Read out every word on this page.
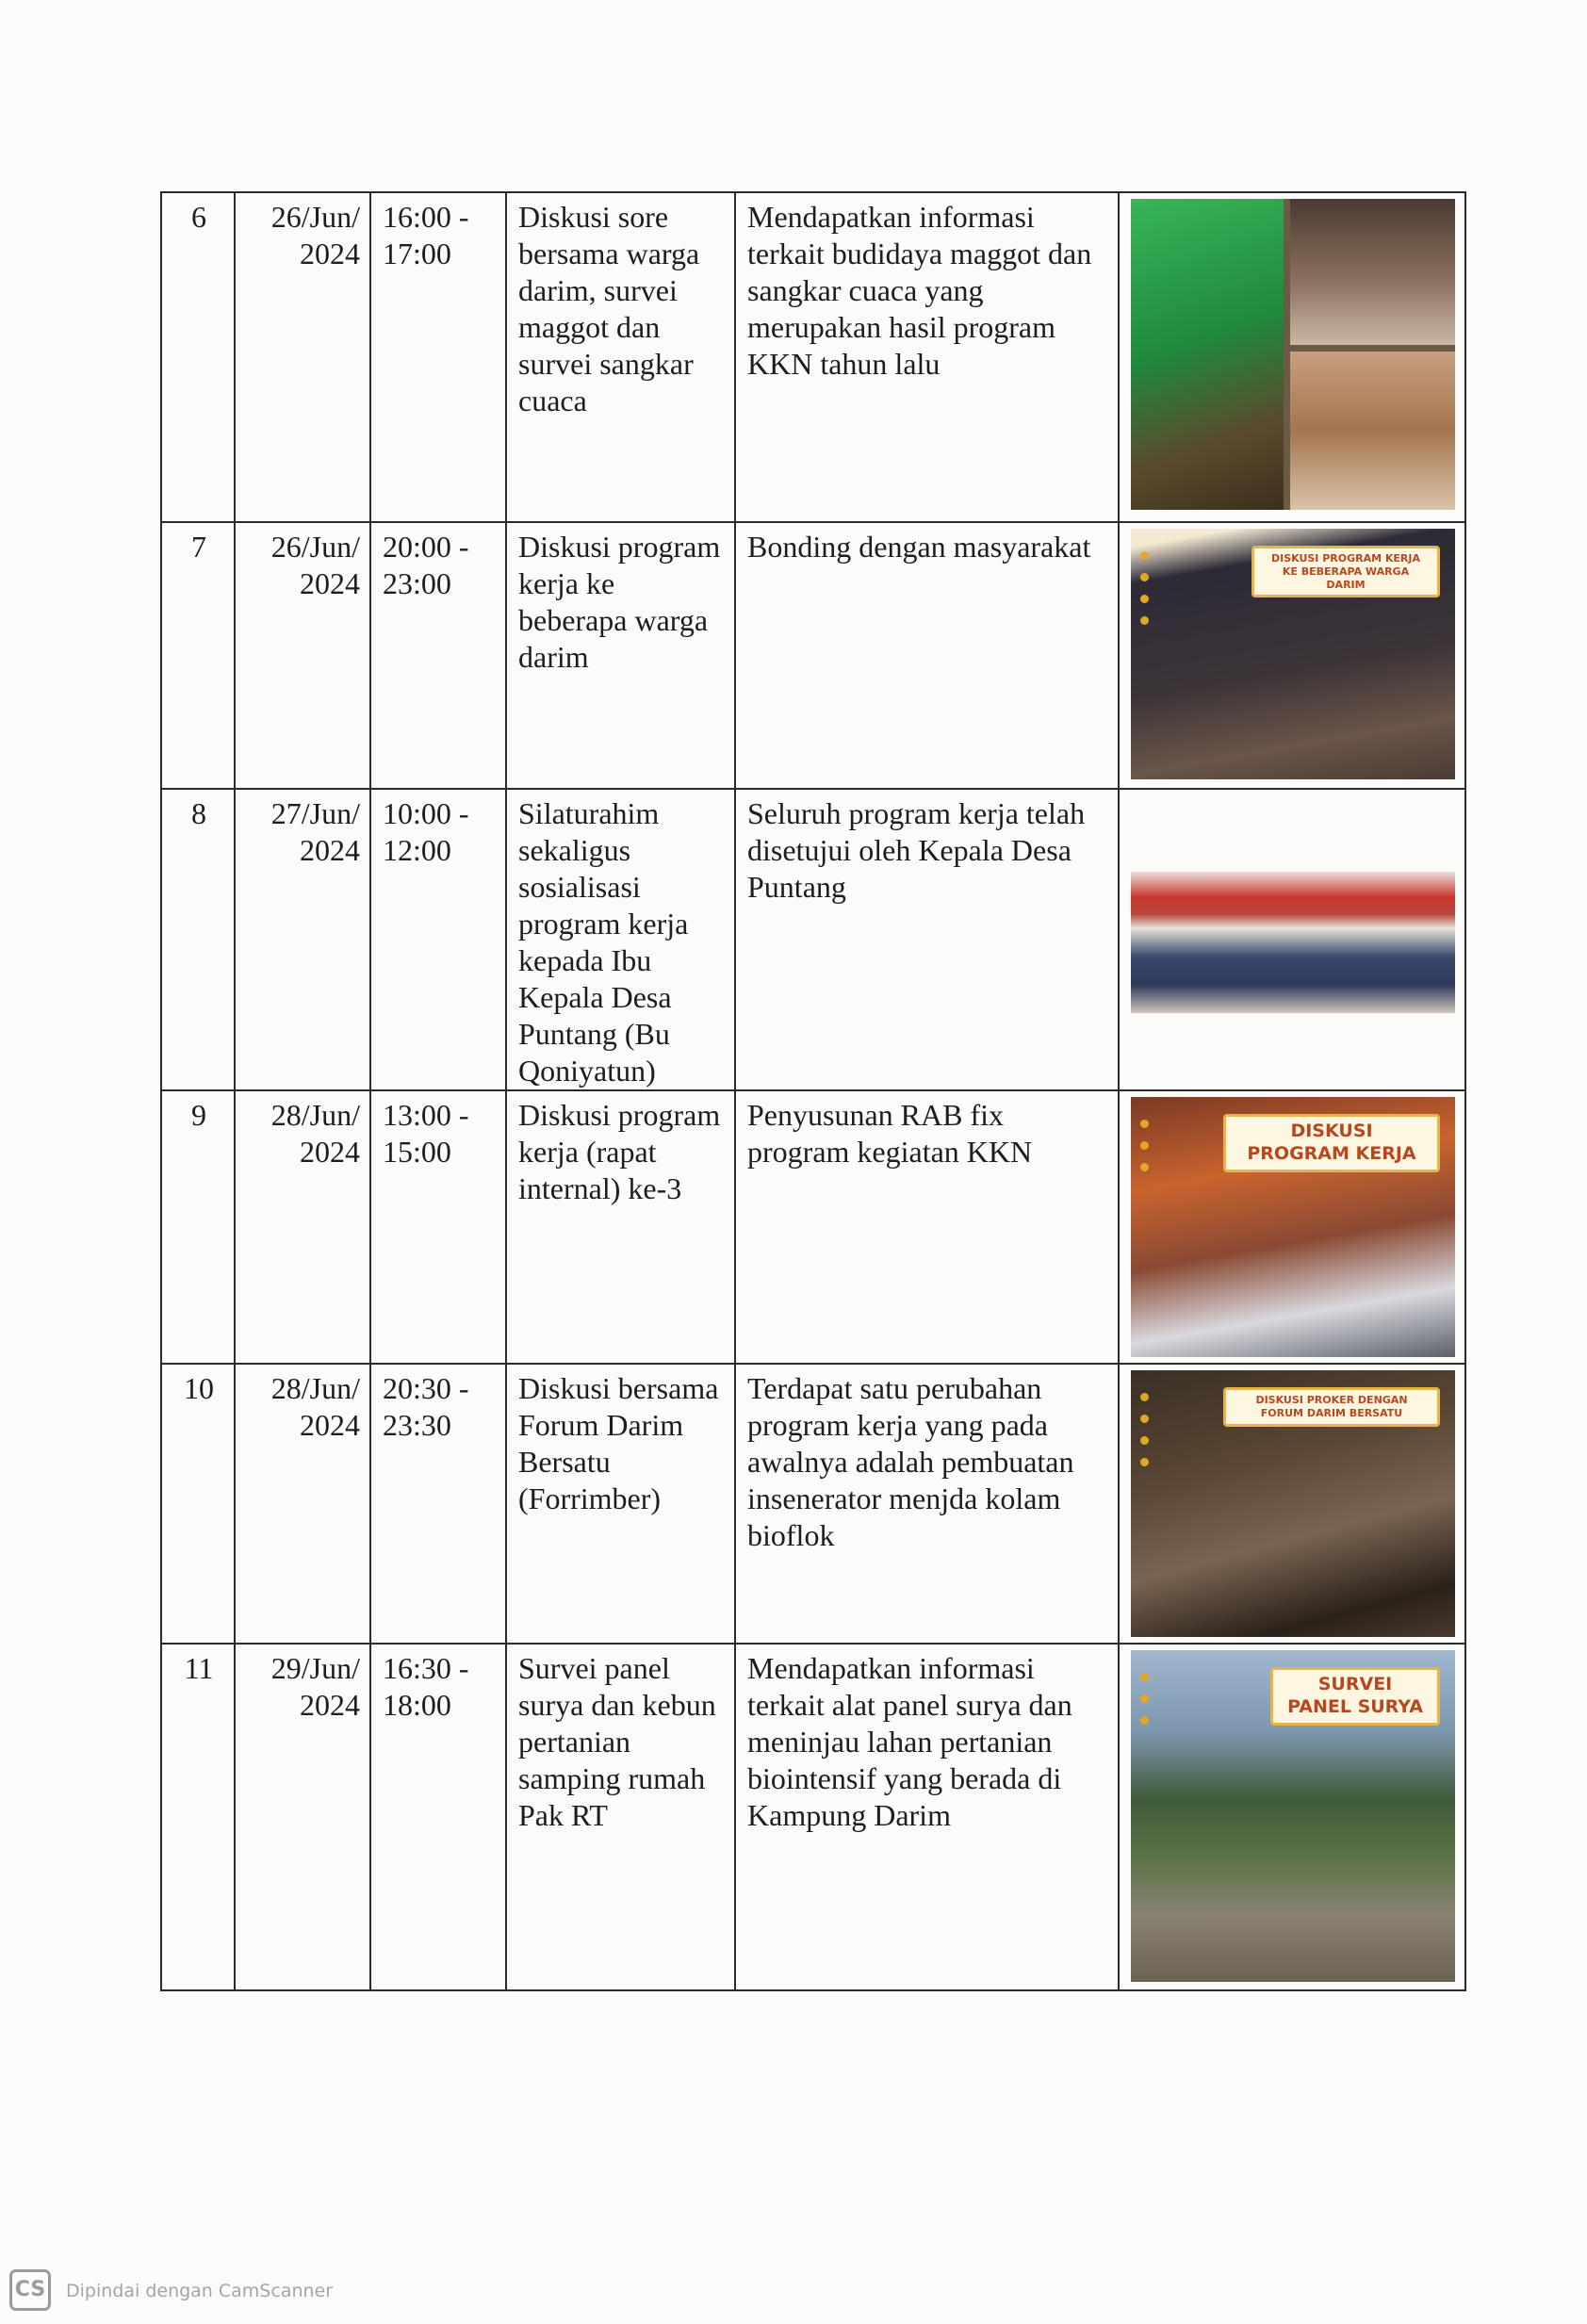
6	26/Jun/ 2024	16:00 - 17:00	Diskusi sore bersama warga darim, survei maggot dan survei sangkar cuaca	Mendapatkan informasi terkait budidaya maggot dan sangkar cuaca yang merupakan hasil program KKN tahun lalu	

7	26/Jun/ 2024	20:00 - 23:00	Diskusi program kerja ke beberapa warga darim	Bonding dengan masyarakat	DISKUSI PROGRAM KERJA KE BEBERAPA WARGA DARIM

8	27/Jun/ 2024	10:00 - 12:00	Silaturahim sekaligus sosialisasi program kerja kepada Ibu Kepala Desa Puntang (Bu Qoniyatun)	Seluruh program kerja telah disetujui oleh Kepala Desa Puntang	

9	28/Jun/ 2024	13:00 - 15:00	Diskusi program kerja (rapat internal) ke-3	Penyusunan RAB fix program kegiatan KKN	DISKUSI PROGRAM KERJA

10	28/Jun/ 2024	20:30 - 23:30	Diskusi bersama Forum Darim Bersatu (Forrimber)	Terdapat satu perubahan program kerja yang pada awalnya adalah pembuatan insenerator menjda kolam bioflok	DISKUSI PROKER DENGAN FORUM DARIM BERSATU

11	29/Jun/ 2024	16:30 - 18:00	Survei panel surya dan kebun pertanian samping rumah Pak RT	Mendapatkan informasi terkait alat panel surya dan meninjau lahan pertanian biointensif yang berada di Kampung Darim	SURVEI PANEL SURYA
CS	Dipindai dengan CamScanner
